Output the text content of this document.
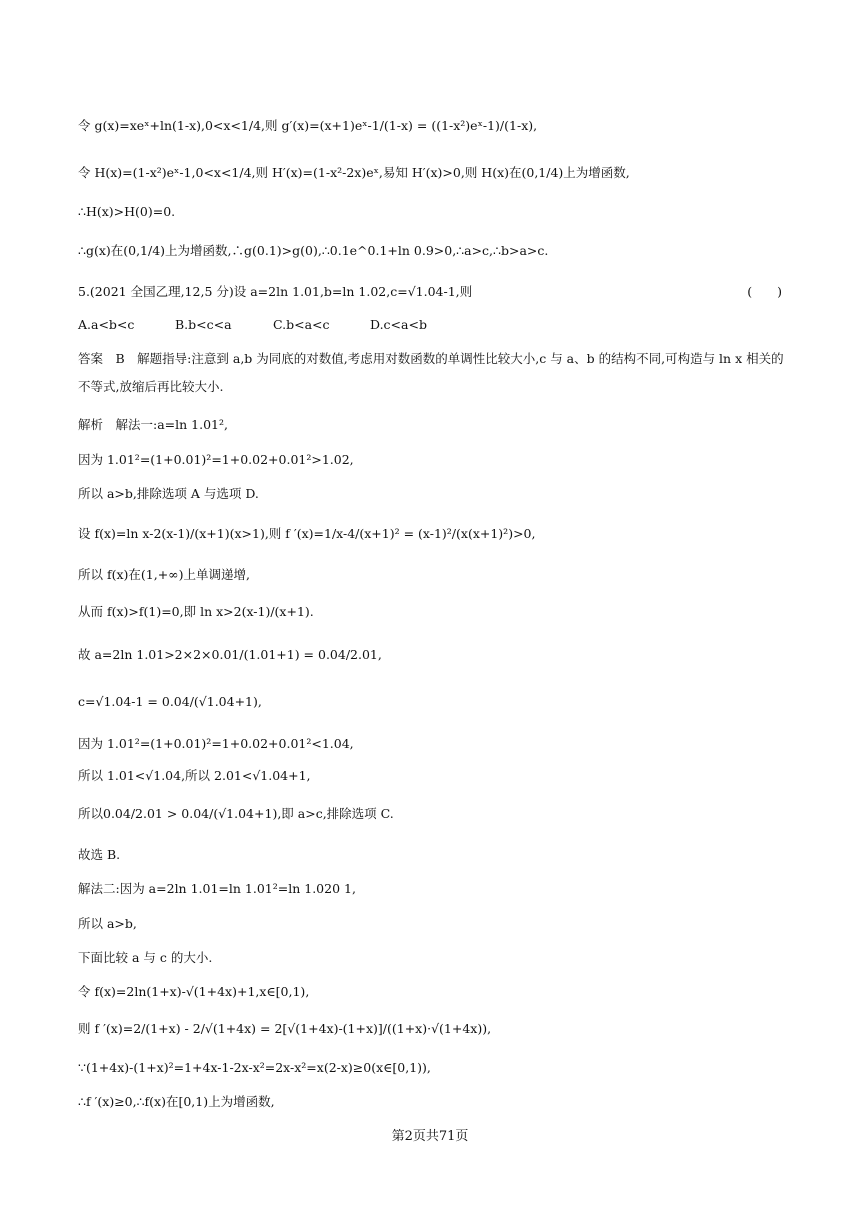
令 g(x)=xeˣ+ln(1-x),0<x<1/4,则 g′(x)=(x+1)eˣ-1/(1-x) = ((1-x²)eˣ-1)/(1-x),
令 H(x)=(1-x²)eˣ-1,0<x<1/4,则 H′(x)=(1-x²-2x)eˣ,易知 H′(x)>0,则 H(x)在(0,1/4)上为增函数,
∴H(x)>H(0)=0.
∴g(x)在(0,1/4)上为增函数,∴g(0.1)>g(0),∴0.1e^0.1+ln 0.9>0,∴a>c,∴b>a>c.
5.(2021 全国乙理,12,5 分)设 a=2ln 1.01,b=ln 1.02,c=√1.04-1,则	(　　)
A.a<b<c	B.b<c<a	C.b<a<c	D.c<a<b
答案　B　解题指导:注意到 a,b 为同底的对数值,考虑用对数函数的单调性比较大小,c 与 a、b 的结构不同,可构造与 ln x 相关的不等式,放缩后再比较大小.
解析　解法一:a=ln 1.01²,
因为 1.01²=(1+0.01)²=1+0.02+0.01²>1.02,
所以 a>b,排除选项 A 与选项 D.
设 f(x)=ln x-2(x-1)/(x+1)(x>1),则 f ′(x)=1/x-4/(x+1)² = (x-1)²/(x(x+1)²)>0,
所以 f(x)在(1,+∞)上单调递增,
从而 f(x)>f(1)=0,即 ln x>2(x-1)/(x+1).
故 a=2ln 1.01>2×2×0.01/(1.01+1) = 0.04/2.01,
c=√1.04-1 = 0.04/(√1.04+1),
因为 1.01²=(1+0.01)²=1+0.02+0.01²<1.04,
所以 1.01<√1.04,所以 2.01<√1.04+1,
所以0.04/2.01 > 0.04/(√1.04+1),即 a>c,排除选项 C.
故选 B.
解法二:因为 a=2ln 1.01=ln 1.01²=ln 1.020 1,
所以 a>b,
下面比较 a 与 c 的大小.
令 f(x)=2ln(1+x)-√(1+4x)+1,x∈[0,1),
则 f ′(x)=2/(1+x) - 2/√(1+4x) = 2[√(1+4x)-(1+x)]/((1+x)·√(1+4x)),
∵(1+4x)-(1+x)²=1+4x-1-2x-x²=2x-x²=x(2-x)≥0(x∈[0,1)),
∴f ′(x)≥0,∴f(x)在[0,1)上为增函数,
第2页共71页
